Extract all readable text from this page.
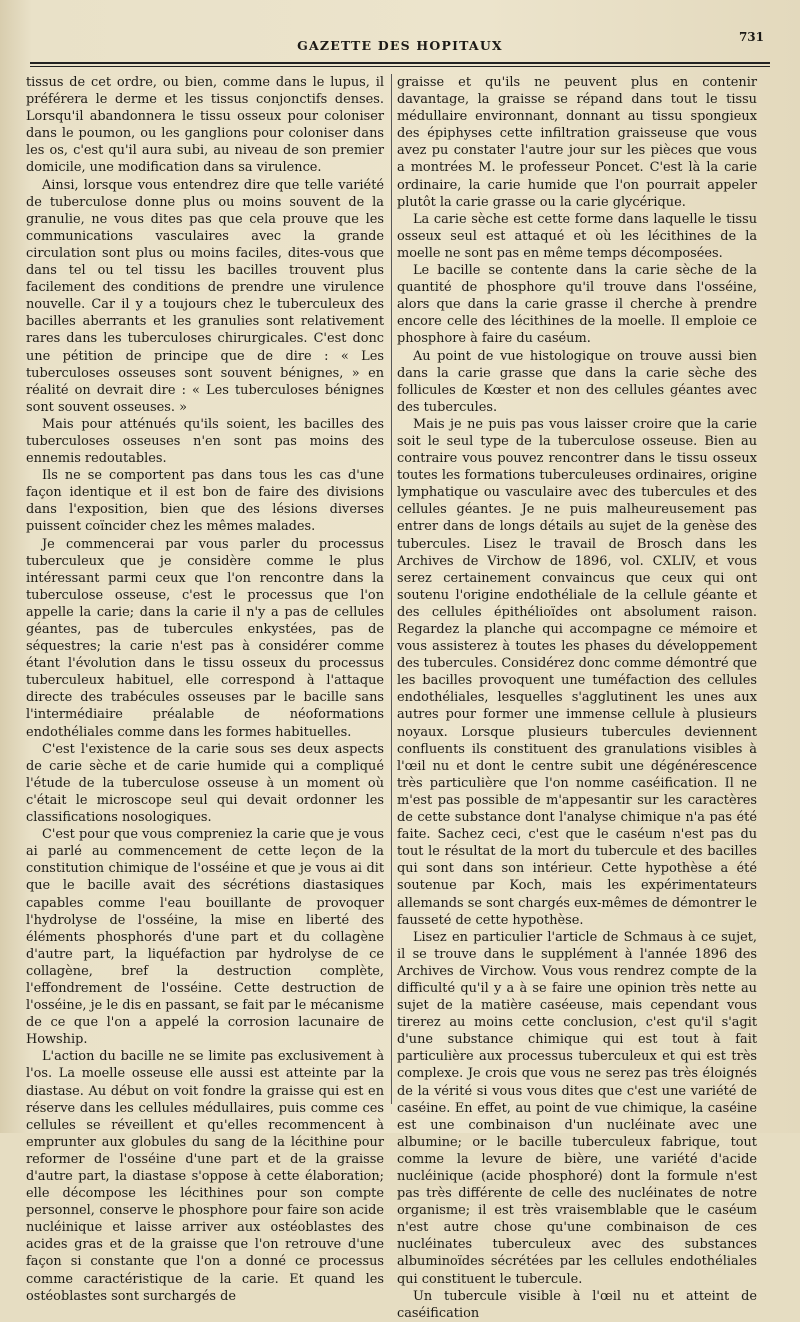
GAZETTE DES HOPITAUX
731

tissus de cet ordre, ou bien, comme dans le lupus, il préférera le derme et les tissus conjonctifs denses. Lorsqu'il abandonnera le tissu osseux pour coloniser dans le poumon, ou les ganglions pour coloniser dans les os, c'est qu'il aura subi, au niveau de son premier domicile, une modification dans sa virulence.

Ainsi, lorsque vous entendrez dire que telle variété de tuberculose donne plus ou moins souvent de la granulie, ne vous dites pas que cela prouve que les communications vasculaires avec la grande circulation sont plus ou moins faciles, dites-vous que dans tel ou tel tissu les bacilles trouvent plus facilement des conditions de prendre une virulence nouvelle. Car il y a toujours chez le tuberculeux des bacilles aberrants et les granulies sont relativement rares dans les tuberculoses chirurgicales. C'est donc une pétition de principe que de dire : « Les tuberculoses osseuses sont souvent bénignes, » en réalité on devrait dire : « Les tuberculoses bénignes sont souvent osseuses. »

Mais pour atténués qu'ils soient, les bacilles des tuberculoses osseuses n'en sont pas moins des ennemis redoutables.

Ils ne se comportent pas dans tous les cas d'une façon identique et il est bon de faire des divisions dans l'exposition, bien que des lésions diverses puissent coïncider chez les mêmes malades.

Je commencerai par vous parler du processus tuberculeux que je considère comme le plus intéressant parmi ceux que l'on rencontre dans la tuberculose osseuse, c'est le processus que l'on appelle la carie; dans la carie il n'y a pas de cellules géantes, pas de tubercules enkystées, pas de séquestres; la carie n'est pas à considérer comme étant l'évolution dans le tissu osseux du processus tuberculeux habituel, elle correspond à l'attaque directe des trabécules osseuses par le bacille sans l'intermédiaire préalable de néoformations endothéliales comme dans les formes habituelles.

C'est l'existence de la carie sous ses deux aspects de carie sèche et de carie humide qui a compliqué l'étude de la tuberculose osseuse à un moment où c'était le microscope seul qui devait ordonner les classifications nosologiques.

C'est pour que vous compreniez la carie que je vous ai parlé au commencement de cette leçon de la constitution chimique de l'osséine et que je vous ai dit que le bacille avait des sécrétions diastasiques capables comme l'eau bouillante de provoquer l'hydrolyse de l'osséine, la mise en liberté des éléments phosphorés d'une part et du collagène d'autre part, la liquéfaction par hydrolyse de ce collagène, bref la destruction complète, l'effondrement de l'osséine. Cette destruction de l'osséine, je le dis en passant, se fait par le mécanisme de ce que l'on a appelé la corrosion lacunaire de Howship.

L'action du bacille ne se limite pas exclusivement à l'os. La moelle osseuse elle aussi est atteinte par la diastase. Au début on voit fondre la graisse qui est en réserve dans les cellules médullaires, puis comme ces cellules se réveillent et qu'elles recommencent à emprunter aux globules du sang de la lécithine pour reformer de l'osséine d'une part et de la graisse d'autre part, la diastase s'oppose à cette élaboration; elle décompose les lécithines pour son compte personnel, conserve le phosphore pour faire son acide nucléinique et laisse arriver aux ostéoblastes des acides gras et de la graisse que l'on retrouve d'une façon si constante que l'on a donné ce processus comme caractéristique de la carie. Et quand les ostéoblastes sont surchargés de

graisse et qu'ils ne peuvent plus en contenir davantage, la graisse se répand dans tout le tissu médullaire environnant, donnant au tissu spongieux des épiphyses cette infiltration graisseuse que vous avez pu constater l'autre jour sur les pièces que vous a montrées M. le professeur Poncet. C'est là la carie ordinaire, la carie humide que l'on pourrait appeler plutôt la carie grasse ou la carie glycérique.

La carie sèche est cette forme dans laquelle le tissu osseux seul est attaqué et où les lécithines de la moelle ne sont pas en même temps décomposées.

Le bacille se contente dans la carie sèche de la quantité de phosphore qu'il trouve dans l'osséine, alors que dans la carie grasse il cherche à prendre encore celle des lécithines de la moelle. Il emploie ce phosphore à faire du caséum.

Au point de vue histologique on trouve aussi bien dans la carie grasse que dans la carie sèche des follicules de Kœster et non des cellules géantes avec des tubercules.

Mais je ne puis pas vous laisser croire que la carie soit le seul type de la tuberculose osseuse. Bien au contraire vous pouvez rencontrer dans le tissu osseux toutes les formations tuberculeuses ordinaires, origine lymphatique ou vasculaire avec des tubercules et des cellules géantes. Je ne puis malheureusement pas entrer dans de longs détails au sujet de la genèse des tubercules. Lisez le travail de Brosch dans les Archives de Virchow de 1896, vol. CXLIV, et vous serez certainement convaincus que ceux qui ont soutenu l'origine endothéliale de la cellule géante et des cellules épithélioïdes ont absolument raison. Regardez la planche qui accompagne ce mémoire et vous assisterez à toutes les phases du développement des tubercules. Considérez donc comme démontré que les bacilles provoquent une tuméfaction des cellules endothéliales, lesquelles s'agglutinent les unes aux autres pour former une immense cellule à plusieurs noyaux. Lorsque plusieurs tubercules deviennent confluents ils constituent des granulations visibles à l'œil nu et dont le centre subit une dégénérescence très particulière que l'on nomme caséification. Il ne m'est pas possible de m'appesantir sur les caractères de cette substance dont l'analyse chimique n'a pas été faite. Sachez ceci, c'est que le caséum n'est pas du tout le résultat de la mort du tubercule et des bacilles qui sont dans son intérieur. Cette hypothèse a été soutenue par Koch, mais les expérimentateurs allemands se sont chargés eux-mêmes de démontrer le fausseté de cette hypothèse.

Lisez en particulier l'article de Schmaus à ce sujet, il se trouve dans le supplément à l'année 1896 des Archives de Virchow. Vous vous rendrez compte de la difficulté qu'il y a à se faire une opinion très nette au sujet de la matière caséeuse, mais cependant vous tirerez au moins cette conclusion, c'est qu'il s'agit d'une substance chimique qui est tout à fait particulière aux processus tuberculeux et qui est très complexe. Je crois que vous ne serez pas très éloignés de la vérité si vous vous dites que c'est une variété de caséine. En effet, au point de vue chimique, la caséine est une combinaison d'un nucléinate avec une albumine; or le bacille tuberculeux fabrique, tout comme la levure de bière, une variété d'acide nucléinique (acide phosphoré) dont la formule n'est pas très différente de celle des nucléinates de notre organisme; il est très vraisemblable que le caséum n'est autre chose qu'une combinaison de ces nucléinates tuberculeux avec des substances albuminoïdes sécrétées par les cellules endothéliales qui constituent le tubercule.

Un tubercule visible à l'œil nu et atteint de caséification
